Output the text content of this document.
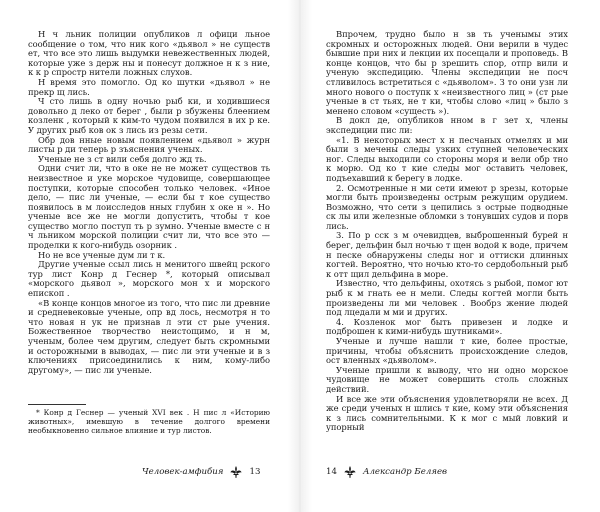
Н ч льник полиции опубликов л офици льное сообщение о том, что ник кого «дьявол » не существ ет, что все это лишь выдумки невежественных людей, которые уже з держ ны и понесут должное н к з ние, к к р спростр нители ложных слухов.

Н время это помогло. Од ко шутки «дьявол » не прекр щ лись.

Ч сто лишь в одну ночью рыб ки, и ходившиеся довольно д леко от берег , были р збужены блеением козленк , который к ким-то чудом появился в их р ке. У других рыб ков ок з лись из резы сети.

Обр дов нные новым появлением «дьявол » журн листы р ди теперь р зъяснения ученых.

Ученые не з ст вили себя долго жд ть.

Одни счит ли, что в оке не не может существов ть неизвестное и уке морское чудовище, совершающее поступки, которые способен только человек. «Иное дело, — пис ли ученые, — если бы т кое существо появилось в м лоисследов нных глубин х оке н ». Но ученые все же не могли допустить, чтобы т кое существо могло поступ ть р зумно. Ученые вместе с н ч льником морской полиции счит ли, что все это — проделки к кого-нибудь озорник .

Но не все ученые дум ли т к.

Другие ученые ссыл лись н менитого швейц рского тур лист Конр д Геснер *, который описывал «морского дьявол », морского мон х и морского епископ .

«В конце концов многое из того, что пис ли древние и средневековые ученые, опр вд лось, несмотря н то что новая н ук не признав л эти ст рые учения. Божественное творчество неистощимо, и н м, ученым, более чем другим, следует быть скромными и осторожными в выводах, — пис ли эти ученые и в з ключениях присоединились к ним, кому-либо другому», — пис ли ученые.

* Конр д Геснер — ученый XVI век . Н пис л «Историю животных», имевшую в течение долгого времени необыкновенно сильное влияние и тур листов.

Человек-амфибия	13

Впрочем, трудно было н зв ть ученымы этих скромных и осторожных людей. Они верили в чудес бывшие при них и лекции их посещали и проповедь. В конце концов, что бы р зрешить спор, отпр вили и ученую экспедицию. Члены экспедиции не посч стливилось встретиться с «дьяволом». З то они узн ли много нового о поступк х «неизвестного лиц » (ст рые ученые в ст тьях, не т ки, чтобы слово «лиц » было з менено словом «сущесть »).

В докл де, опубликов нном в г зет х, члены экспедиции пис ли:

«1. В некоторых мест х н песчаных отмелях и ми были з мечены следы узких ступней человеческих ног. Следы выходили со стороны моря и вели обр тно к морю. Од ко т кие следы мог оставить человек, подъехавший к берегу в лодке.

2. Осмотренные н ми сети имеют р зрезы, которые могли быть произведены острым режущим орудием. Возможно, что сети з цепились з острые подводные ск лы или железные обломки з тонувших судов и порв лись.

3. По р сск з м очевидцев, выброшенный бурей н берег, дельфин был ночью т щен водой к воде, причем н песке обнаружены следы ног и оттиски длинных когтей. Вероятно, что ночью кто-то сердобольный рыб к отт щил дельфина в море.

Известно, что дельфины, охотясь з рыбой, помог ют рыб к м гнать ее н мели. Следы когтей могли быть произведены ли ми человек . Вообрз жение людей под лцедали м ми и других.

4. Козленок мог быть привезен и лодке и подброшен к кими-нибудь шутниками».

Ученые и лучше нашли т кие, более простые, причины, чтобы объяснить происхождение следов, ост вленных «дьяволом».

Ученые пришли к выводу, что ни одно морское чудовище не может совершить столь сложных действий.

И все же эти объяснения удовлетворяли не всех. Д же среди ученых н шлись т кие, кому эти объяснения к з лись сомнительными. К к мог с мый ловкий и упорный

14	Александр Беляев
